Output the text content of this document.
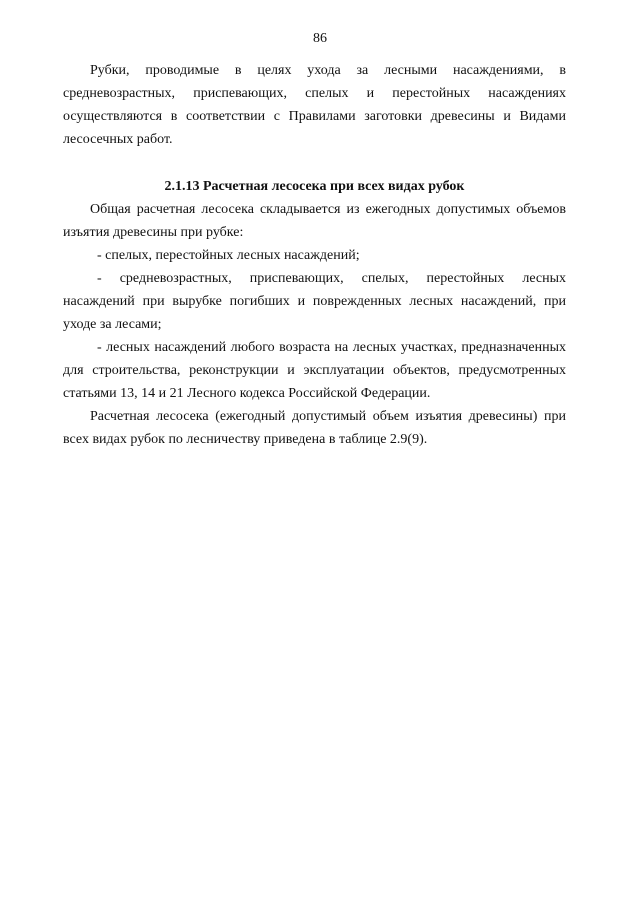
86

Рубки, проводимые в целях ухода за лесными насаждениями, в средневозрастных, приспевающих, спелых и перестойных насаждениях осуществляются в соответствии с Правилами заготовки древесины и Видами лесосечных работ.

2.1.13 Расчетная лесосека при всех видах рубок

Общая расчетная лесосека складывается из ежегодных допустимых объемов изъятия древесины при рубке:

- спелых, перестойных лесных насаждений;

- средневозрастных, приспевающих, спелых, перестойных лесных насаждений при вырубке погибших и поврежденных лесных насаждений, при уходе за лесами;

- лесных насаждений любого возраста на лесных участках, предназначенных для строительства, реконструкции и эксплуатации объектов, предусмотренных статьями 13, 14 и 21 Лесного кодекса Российской Федерации.

Расчетная лесосека (ежегодный допустимый объем изъятия древесины) при всех видах рубок по лесничеству приведена в таблице 2.9(9).
